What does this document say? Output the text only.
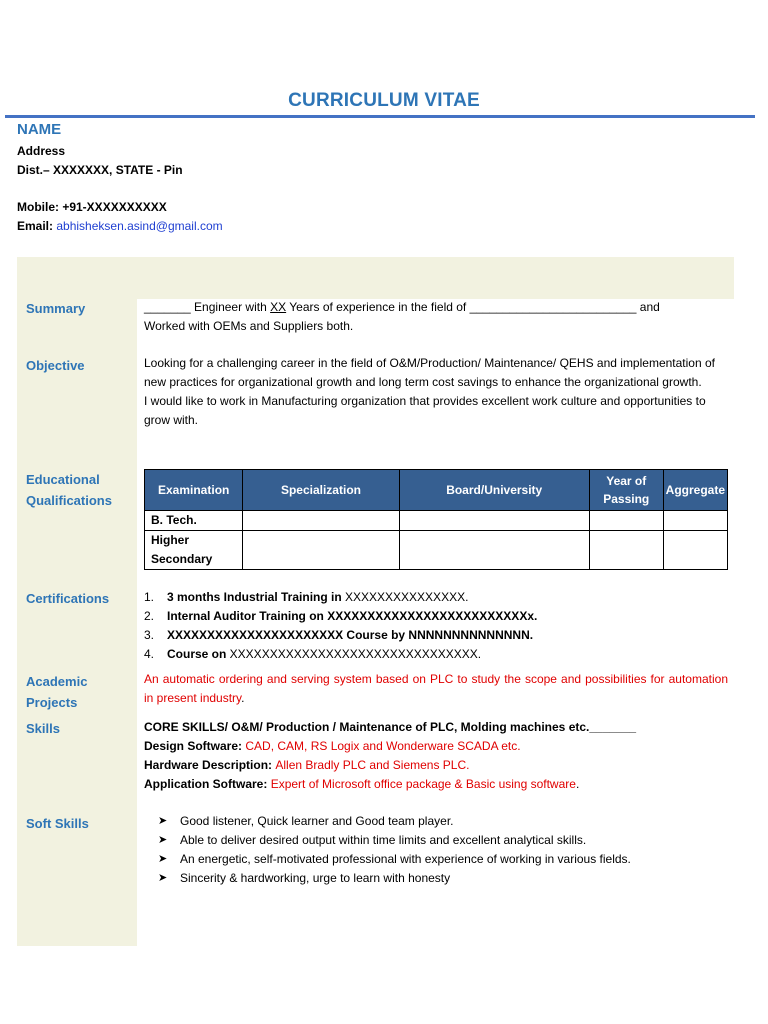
CURRICULUM VITAE
NAME
Address
Dist.– XXXXXXX, STATE - Pin
Mobile: +91-XXXXXXXXXX
Email: abhisheksen.asind@gmail.com
Summary	_______ Engineer with XX Years of experience in the field of _________________________ and
Worked with OEMs and Suppliers both.
Objective	Looking for a challenging career in the field of O&M/Production/ Maintenance/ QEHS and implementation of new practices for organizational growth and long term cost savings to enhance the organizational growth.
I would like to work in Manufacturing organization that provides excellent work culture and opportunities to grow with.
Educational
Qualifications
Examination	Specialization	Board/University	Year of Passing	Aggregate
B. Tech.				
Higher Secondary				
Certifications	1. 3 months Industrial Training in XXXXXXXXXXXXXXX.
2. Internal Auditor Training on XXXXXXXXXXXXXXXXXXXXXXXXXx.
3. XXXXXXXXXXXXXXXXXXXXXX Course by NNNNNNNNNNNNNN.
4. Course on XXXXXXXXXXXXXXXXXXXXXXXXXXXXXXX.
Academic
Projects
An automatic ordering and serving system based on PLC to study the scope and possibilities for automation in present industry.
Skills	CORE SKILLS/ O&M/ Production / Maintenance of PLC, Molding machines etc._______
Design Software: CAD, CAM, RS Logix and Wonderware SCADA etc.
Hardware Description: Allen Bradly PLC and Siemens PLC.
Application Software: Expert of Microsoft office package & Basic using software.
Soft Skills	➤ Good listener, Quick learner and Good team player.
➤ Able to deliver desired output within time limits and excellent analytical skills.
➤ An energetic, self-motivated professional with experience of working in various fields.
➤ Sincerity & hardworking, urge to learn with honesty
